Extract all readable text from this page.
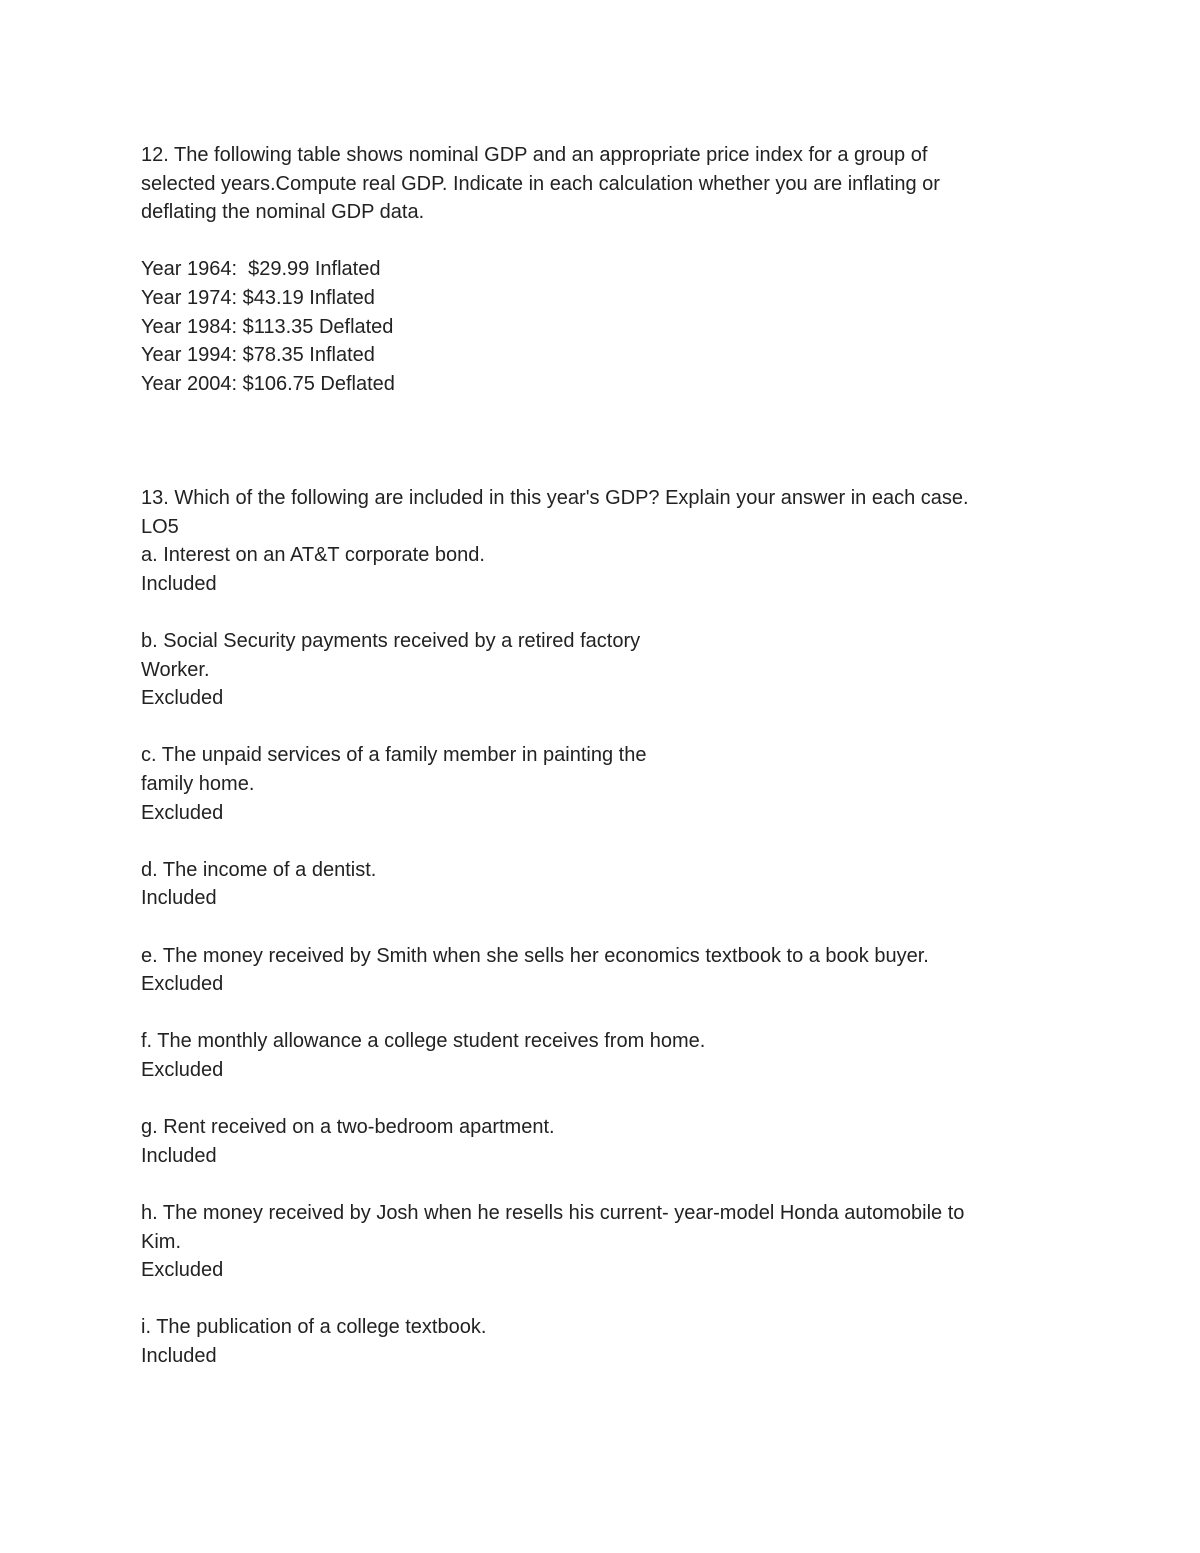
12. The following table shows nominal GDP and an appropriate price index for a group of
selected years.Compute real GDP. Indicate in each calculation whether you are inflating or
deflating the nominal GDP data.
Year 1964:  $29.99 Inflated
Year 1974: $43.19 Inflated
Year 1984: $113.35 Deflated
Year 1994: $78.35 Inflated
Year 2004: $106.75 Deflated
13. Which of the following are included in this year's GDP? Explain your answer in each case.
LO5
a. Interest on an AT&T corporate bond.
Included
b. Social Security payments received by a retired factory
Worker.
Excluded
c. The unpaid services of a family member in painting the
family home.
Excluded
d. The income of a dentist.
Included
e. The money received by Smith when she sells her economics textbook to a book buyer.
Excluded
f. The monthly allowance a college student receives from home.
Excluded
g. Rent received on a two-bedroom apartment.
Included
h. The money received by Josh when he resells his current- year-model Honda automobile to
Kim.
Excluded
i. The publication of a college textbook.
Included
